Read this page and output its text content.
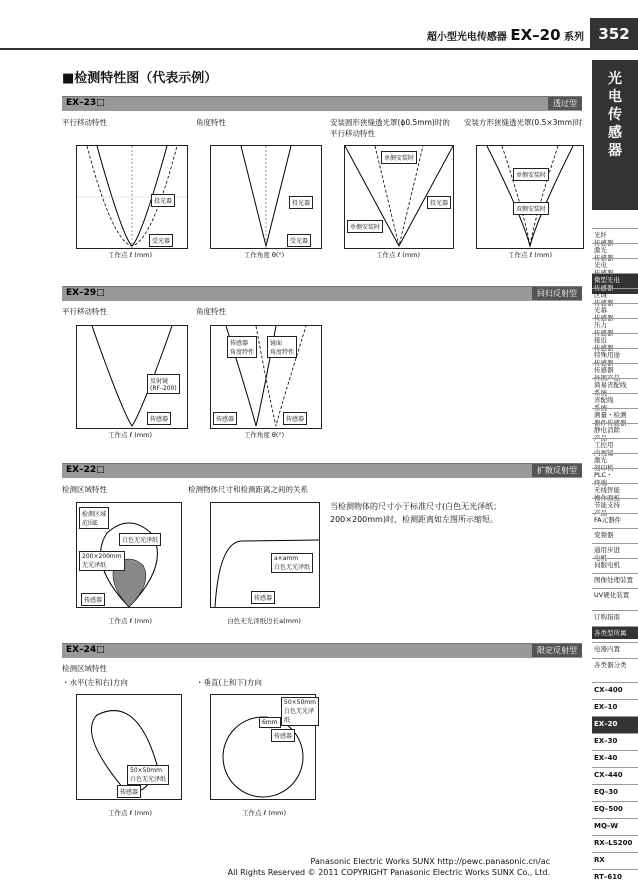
超小型光电传感器 EX–20 系列 352
光
电
传
感
器
■检测特性图（代表示例）
EX–23□	透过型
平行移动特性	角度特性	安装圆形狭缝透光罩(ϕ0.5mm)时的
平行移动特性
安装方形狭缝透光罩(0.5×3mm)时
投光器
受光器
投光器
受光器
单侧安装时
单侧安装时
投光器
单侧安装时
双侧安装时
工作点 ℓ (mm)	工作角度 θ(°)	工作点 ℓ (mm)	工作点 ℓ (mm)
EX–29□	回归反射型
平行移动特性	角度特性
反射镜
(RF–200)
传感器
传感器
角度特性
镜面
角度特性
传感器	传感器
工作点 ℓ (mm)	工作角度 θ(°)
EX–22□	扩散反射型
检测区域特性	检测物体尺寸和检测距离之间的关系
检测区域
范围E
白色无光泽纸
200×200mm
无光泽纸
传感器
a×amm
白色无光泽纸
传感器
工作点 ℓ (mm)	白色无光泽纸边长a(mm)
当检测物体的尺寸小于标准尺寸(白色无光泽纸；200×200mm)时，检测距离如左图所示缩短。
EX–24□	限定反射型
检测区域特性
・水平(左和右)方向	・垂直(上和下)方向
50×50mm
白色无光泽纸
传感器
50×50mm
白色无光泽纸
6mm
传感器
工作点 ℓ (mm)	工作点 ℓ (mm)
光纤
传感器
激光
传感器
光电

微型光电
传感器
区域
传感器
光幕
传感器
压力
传感器
接近
传感器
特殊用途
传感器
传感器
外围产品
简易省配线
系统
省配线
系统
测量・检测
器件传感器
静电消除
产品
工控用
内视镜
激光
刻印机
PLC・
终端
无线智能
操作面板
节能支持
产品
FA元器件
变频器
通用步进
电机
伺服电机
图像处理装置
UV硬化装置
订购指南
各类型所属
电器内置
各类器分类
CX–400
EX–10
EX–20
EX–30
EX–40
CX–440
EQ–30
EQ–500
MQ–W
RX–LS200
RX
RT–610
Panasonic Electric Works SUNX http://pewc.panasonic.cn/ac
All Rights Reserved © 2011 COPYRIGHT Panasonic Electric Works SUNX Co., Ltd.
